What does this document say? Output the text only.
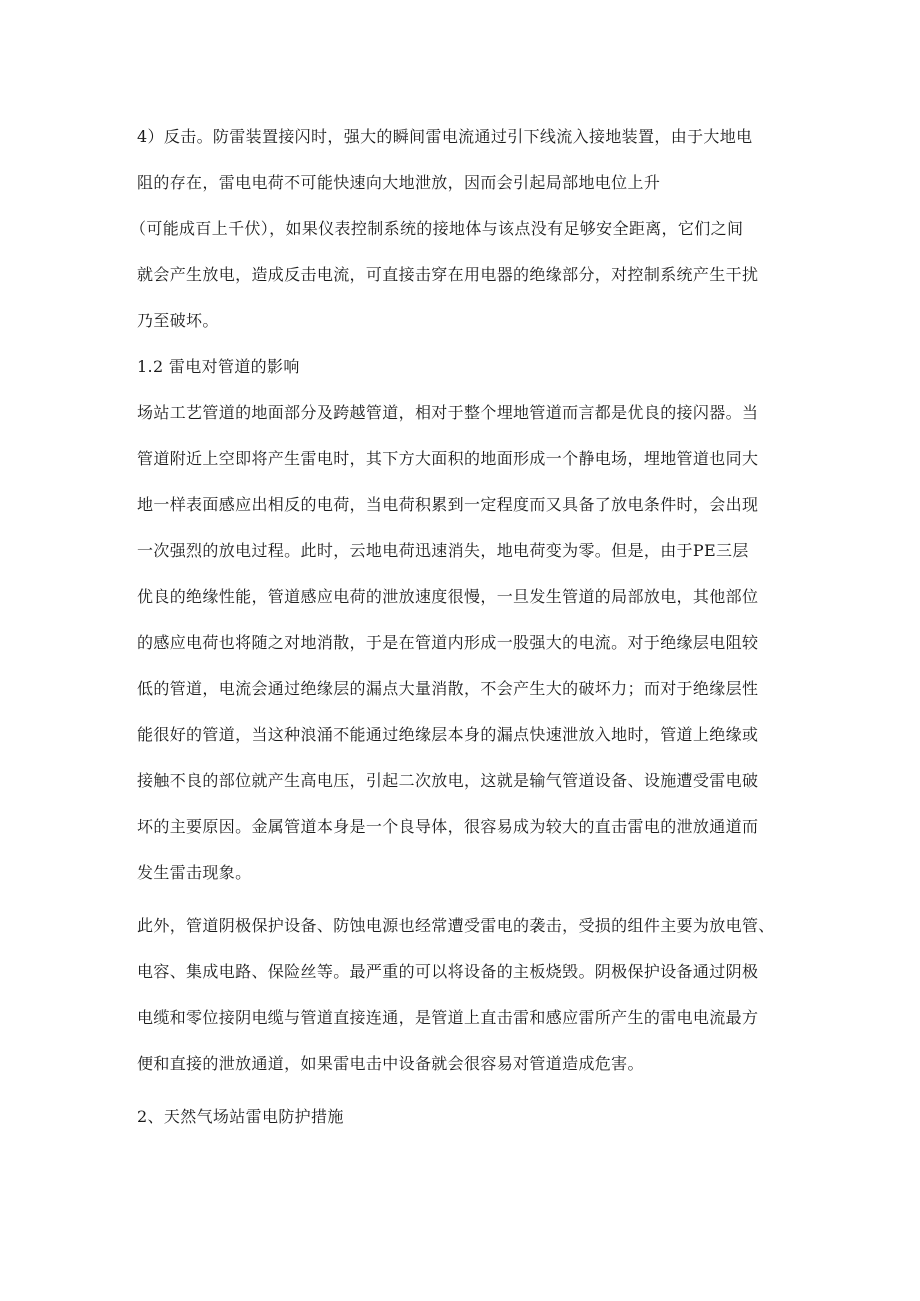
4）反击。防雷装置接闪时，强大的瞬间雷电流通过引下线流入接地装置，由于大地电
阻的存在，雷电电荷不可能快速向大地泄放，因而会引起局部地电位上升
（可能成百上千伏），如果仪表控制系统的接地体与该点没有足够安全距离，它们之间
就会产生放电，造成反击电流，可直接击穿在用电器的绝缘部分，对控制系统产生干扰
乃至破坏。
1.2 雷电对管道的影响
场站工艺管道的地面部分及跨越管道，相对于整个埋地管道而言都是优良的接闪器。当
管道附近上空即将产生雷电时，其下方大面积的地面形成一个静电场，埋地管道也同大
地一样表面感应出相反的电荷，当电荷积累到一定程度而又具备了放电条件时，会出现
一次强烈的放电过程。此时，云地电荷迅速消失，地电荷变为零。但是，由于PE三层
优良的绝缘性能，管道感应电荷的泄放速度很慢，一旦发生管道的局部放电，其他部位
的感应电荷也将随之对地消散，于是在管道内形成一股强大的电流。对于绝缘层电阻较
低的管道，电流会通过绝缘层的漏点大量消散，不会产生大的破坏力；而对于绝缘层性
能很好的管道，当这种浪涌不能通过绝缘层本身的漏点快速泄放入地时，管道上绝缘或
接触不良的部位就产生高电压，引起二次放电，这就是输气管道设备、设施遭受雷电破
坏的主要原因。金属管道本身是一个良导体，很容易成为较大的直击雷电的泄放通道而
发生雷击现象。
此外，管道阴极保护设备、防蚀电源也经常遭受雷电的袭击，受损的组件主要为放电管、
电容、集成电路、保险丝等。最严重的可以将设备的主板烧毁。阴极保护设备通过阴极
电缆和零位接阴电缆与管道直接连通，是管道上直击雷和感应雷所产生的雷电电流最方
便和直接的泄放通道，如果雷电击中设备就会很容易对管道造成危害。
2、天然气场站雷电防护措施
